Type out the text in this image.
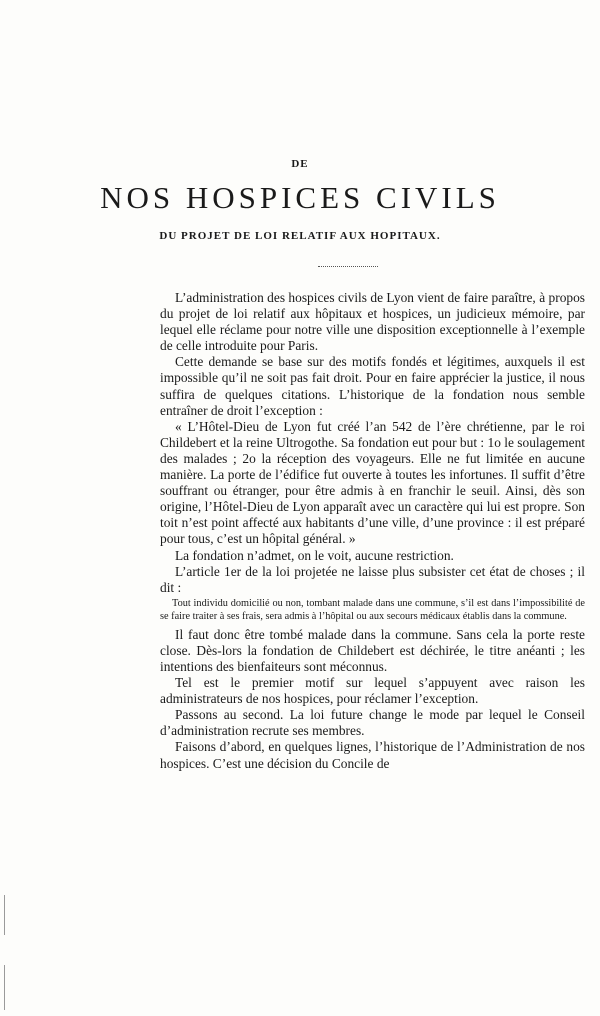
DE
NOS HOSPICES CIVILS
DU PROJET DE LOI RELATIF AUX HOPITAUX.

L’administration des hospices civils de Lyon vient de faire paraître, à propos du projet de loi relatif aux hôpitaux et hospices, un judicieux mémoire, par lequel elle réclame pour notre ville une disposition exceptionnelle à l’exemple de celle introduite pour Paris.

Cette demande se base sur des motifs fondés et légitimes, auxquels il est impossible qu’il ne soit pas fait droit. Pour en faire apprécier la justice, il nous suffira de quelques citations. L’historique de la fondation nous semble entraîner de droit l’exception :

« L’Hôtel-Dieu de Lyon fut créé l’an 542 de l’ère chrétienne, par le roi Childebert et la reine Ultrogothe. Sa fondation eut pour but : 1o le soulagement des malades ; 2o la réception des voyageurs. Elle ne fut limitée en aucune manière. La porte de l’édifice fut ouverte à toutes les infortunes. Il suffit d’être souffrant ou étranger, pour être admis à en franchir le seuil. Ainsi, dès son origine, l’Hôtel-Dieu de Lyon apparaît avec un caractère qui lui est propre. Son toit n’est point affecté aux habitants d’une ville, d’une province : il est préparé pour tous, c’est un hôpital général. »

La fondation n’admet, on le voit, aucune restriction.

L’article 1er de la loi projetée ne laisse plus subsister cet état de choses ; il dit :

Tout individu domicilié ou non, tombant malade dans une commune, s’il est dans l’impossibilité de se faire traiter à ses frais, sera admis à l’hôpital ou aux secours médicaux établis dans la commune.

Il faut donc être tombé malade dans la commune. Sans cela la porte reste close. Dès-lors la fondation de Childebert est déchirée, le titre anéanti ; les intentions des bienfaiteurs sont méconnus.

Tel est le premier motif sur lequel s’appuyent avec raison les administrateurs de nos hospices, pour réclamer l’exception.

Passons au second. La loi future change le mode par lequel le Conseil d’administration recrute ses membres.

Faisons d’abord, en quelques lignes, l’historique de l’Administration de nos hospices. C’est une décision du Concile de
